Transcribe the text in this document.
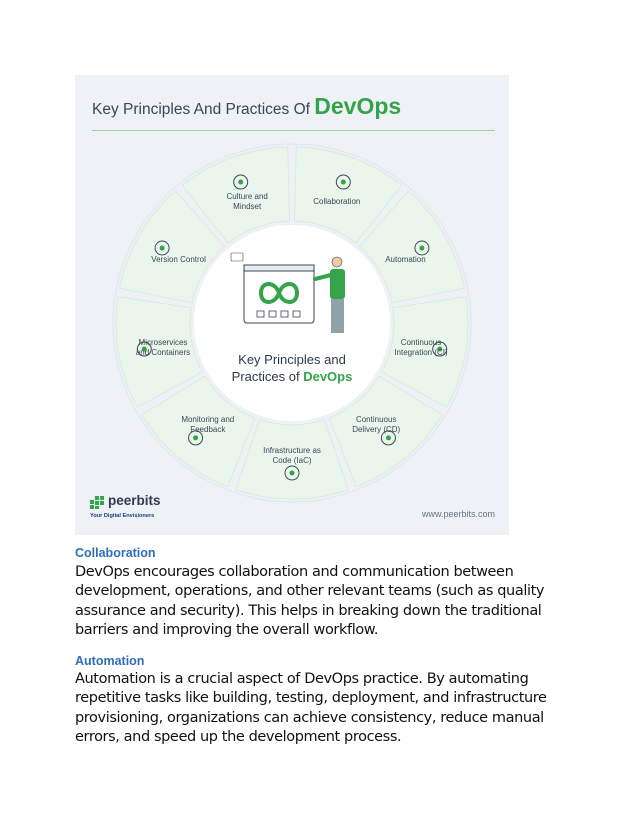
Key Principles And Practices Of DevOps
Culture and
Mindset
Collaboration
Automation
Continuous
Integration (CI)
Continuous
Delivery (CD)
Infrastructure as
Code (IaC)
Monitoring and
Feedback
Microservices
and Containers
Version Control

Key Principles and
Practices of DevOps

peerbits
Your Digital Envisioners	www.peerbits.com
Collaboration

DevOps encourages collaboration and communication between development, operations, and other relevant teams (such as quality assurance and security). This helps in breaking down the traditional barriers and improving the overall workflow.

Automation

Automation is a crucial aspect of DevOps practice. By automating repetitive tasks like building, testing, deployment, and infrastructure provisioning, organizations can achieve consistency, reduce manual errors, and speed up the development process.
